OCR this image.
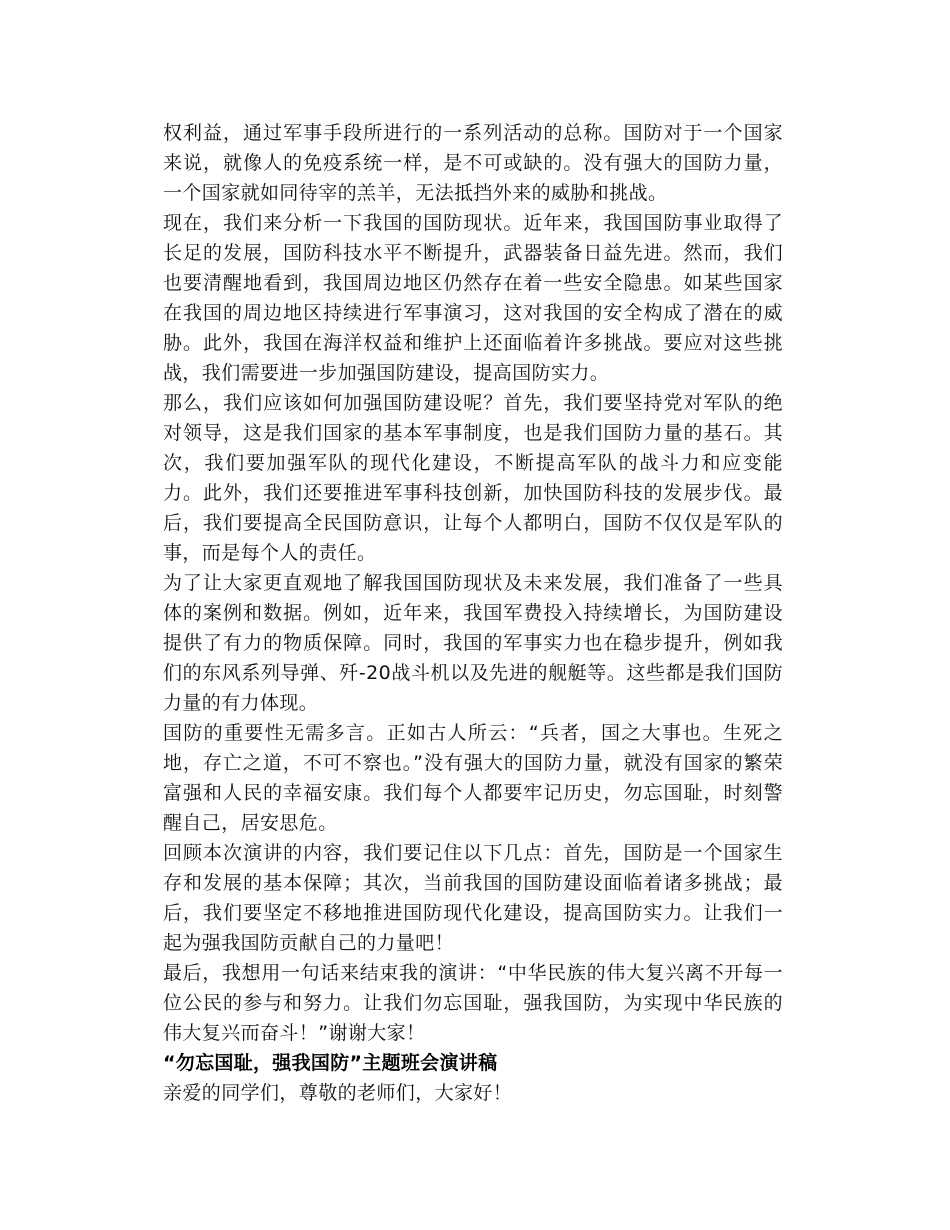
权利益，通过军事手段所进行的一系列活动的总称。国防对于一个国家来说，就像人的免疫系统一样，是不可或缺的。没有强大的国防力量，一个国家就如同待宰的羔羊，无法抵挡外来的威胁和挑战。

现在，我们来分析一下我国的国防现状。近年来，我国国防事业取得了长足的发展，国防科技水平不断提升，武器装备日益先进。然而，我们也要清醒地看到，我国周边地区仍然存在着一些安全隐患。如某些国家在我国的周边地区持续进行军事演习，这对我国的安全构成了潜在的威胁。此外，我国在海洋权益和维护上还面临着许多挑战。要应对这些挑战，我们需要进一步加强国防建设，提高国防实力。

那么，我们应该如何加强国防建设呢？首先，我们要坚持党对军队的绝对领导，这是我们国家的基本军事制度，也是我们国防力量的基石。其次，我们要加强军队的现代化建设，不断提高军队的战斗力和应变能力。此外，我们还要推进军事科技创新，加快国防科技的发展步伐。最后，我们要提高全民国防意识，让每个人都明白，国防不仅仅是军队的事，而是每个人的责任。

为了让大家更直观地了解我国国防现状及未来发展，我们准备了一些具体的案例和数据。例如，近年来，我国军费投入持续增长，为国防建设提供了有力的物质保障。同时，我国的军事实力也在稳步提升，例如我们的东风系列导弹、歼-20战斗机以及先进的舰艇等。这些都是我们国防力量的有力体现。

国防的重要性无需多言。正如古人所云：“兵者，国之大事也。生死之地，存亡之道，不可不察也。”没有强大的国防力量，就没有国家的繁荣富强和人民的幸福安康。我们每个人都要牢记历史，勿忘国耻，时刻警醒自己，居安思危。

回顾本次演讲的内容，我们要记住以下几点：首先，国防是一个国家生存和发展的基本保障；其次，当前我国的国防建设面临着诸多挑战；最后，我们要坚定不移地推进国防现代化建设，提高国防实力。让我们一起为强我国防贡献自己的力量吧！

最后，我想用一句话来结束我的演讲：“中华民族的伟大复兴离不开每一位公民的参与和努力。让我们勿忘国耻，强我国防，为实现中华民族的伟大复兴而奋斗！”谢谢大家！

“勿忘国耻，强我国防”主题班会演讲稿

亲爱的同学们，尊敬的老师们，大家好！
